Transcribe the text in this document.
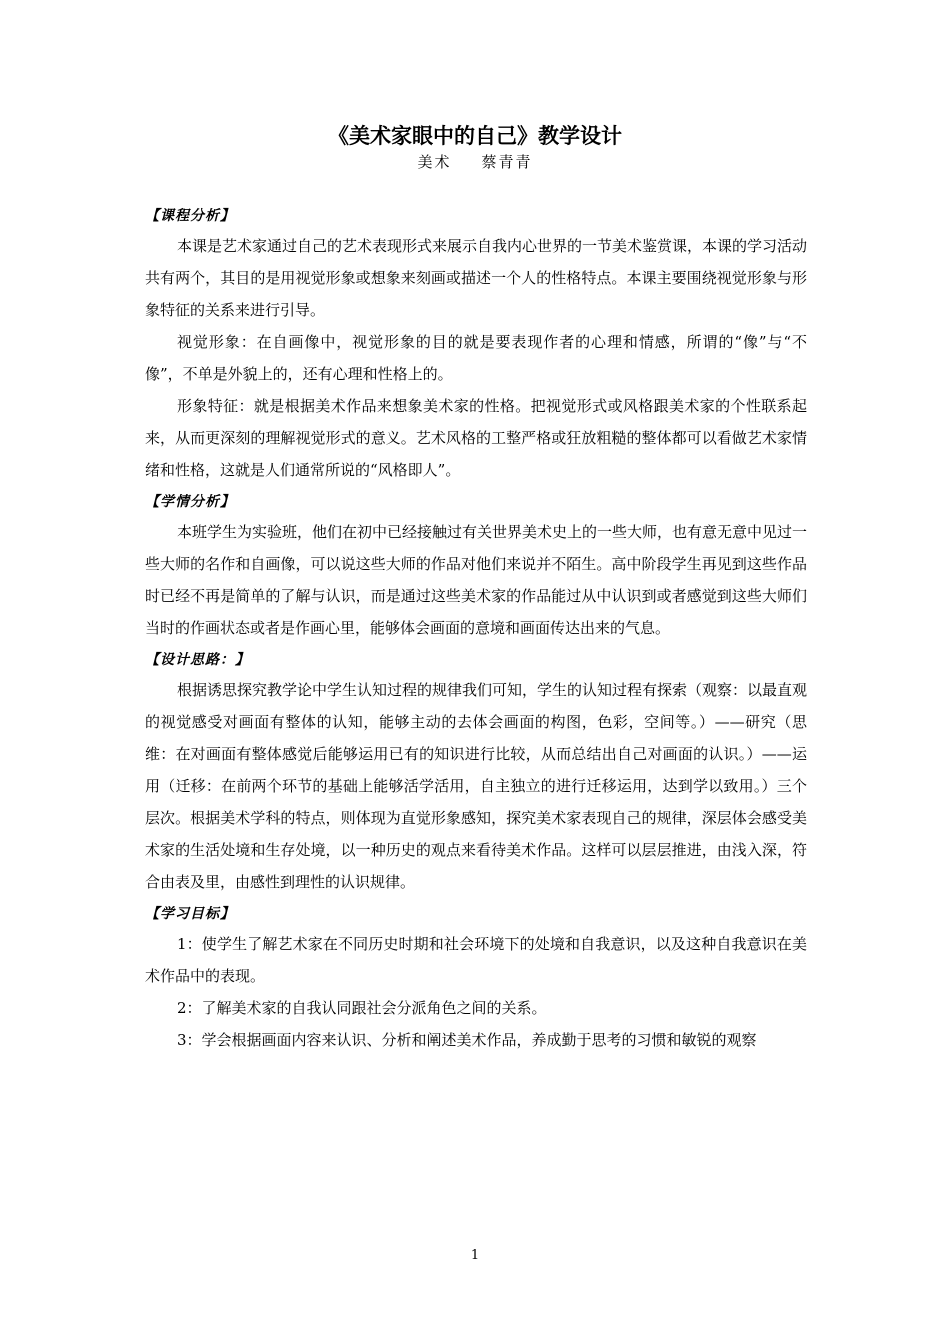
《美术家眼中的自己》教学设计
美术 蔡青青
【课程分析】

本课是艺术家通过自己的艺术表现形式来展示自我内心世界的一节美术鉴赏课，本课的学习活动共有两个，其目的是用视觉形象或想象来刻画或描述一个人的性格特点。本课主要围绕视觉形象与形象特征的关系来进行引导。

视觉形象：在自画像中，视觉形象的目的就是要表现作者的心理和情感，所谓的“像”与“不像”，不单是外貌上的，还有心理和性格上的。

形象特征：就是根据美术作品来想象美术家的性格。把视觉形式或风格跟美术家的个性联系起来，从而更深刻的理解视觉形式的意义。艺术风格的工整严格或狂放粗糙的整体都可以看做艺术家情绪和性格，这就是人们通常所说的“风格即人”。

【学情分析】

本班学生为实验班，他们在初中已经接触过有关世界美术史上的一些大师，也有意无意中见过一些大师的名作和自画像，可以说这些大师的作品对他们来说并不陌生。高中阶段学生再见到这些作品时已经不再是简单的了解与认识，而是通过这些美术家的作品能过从中认识到或者感觉到这些大师们当时的作画状态或者是作画心里，能够体会画面的意境和画面传达出来的气息。

【设计思路：】

根据诱思探究教学论中学生认知过程的规律我们可知，学生的认知过程有探索（观察：以最直观的视觉感受对画面有整体的认知，能够主动的去体会画面的构图，色彩，空间等。）——研究（思维：在对画面有整体感觉后能够运用已有的知识进行比较，从而总结出自己对画面的认识。）——运用（迁移：在前两个环节的基础上能够活学活用，自主独立的进行迁移运用，达到学以致用。）三个层次。根据美术学科的特点，则体现为直觉形象感知，探究美术家表现自己的规律，深层体会感受美术家的生活处境和生存处境，以一种历史的观点来看待美术作品。这样可以层层推进，由浅入深，符合由表及里，由感性到理性的认识规律。

【学习目标】

1：使学生了解艺术家在不同历史时期和社会环境下的处境和自我意识，以及这种自我意识在美术作品中的表现。

2：了解美术家的自我认同跟社会分派角色之间的关系。

3：学会根据画面内容来认识、分析和阐述美术作品，养成勤于思考的习惯和敏锐的观察

1
